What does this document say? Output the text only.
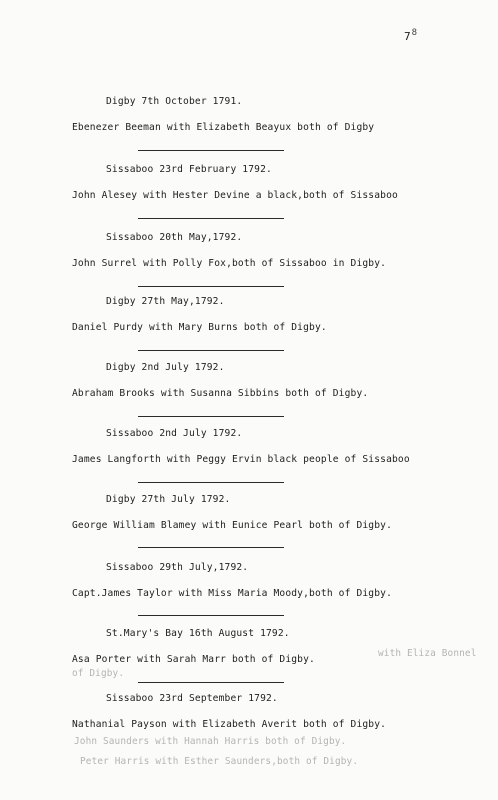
$7^8$
Digby 7th October 1791.
Ebenezer Beeman with Elizabeth Beayux both of Digby
Sissaboo 23rd February 1792.
John Alesey with Hester Devine a black,both of Sissaboo
Sissaboo 20th May,1792.
John Surrel with Polly Fox,both of Sissaboo in Digby.
Digby 27th May,1792.
Daniel Purdy with Mary Burns both of Digby.
Digby 2nd July 1792.
Abraham Brooks with Susanna Sibbins both of Digby.
Sissaboo 2nd July 1792.
James Langforth with Peggy Ervin black people of Sissaboo
Digby 27th July 1792.
George William Blamey with Eunice Pearl both of Digby.
Sissaboo 29th July,1792.
Capt.James Taylor with Miss Maria Moody,both of Digby.
St.Mary's Bay 16th August 1792.
Asa Porter with Sarah Marr both of Digby.
Sissaboo 23rd September 1792.
Nathanial Payson with Elizabeth Averit both of Digby.
with Eliza Bonnel
of Digby.
John Saunders with Hannah Harris both of Digby.
Peter Harris with Esther Saunders,both of Digby.
